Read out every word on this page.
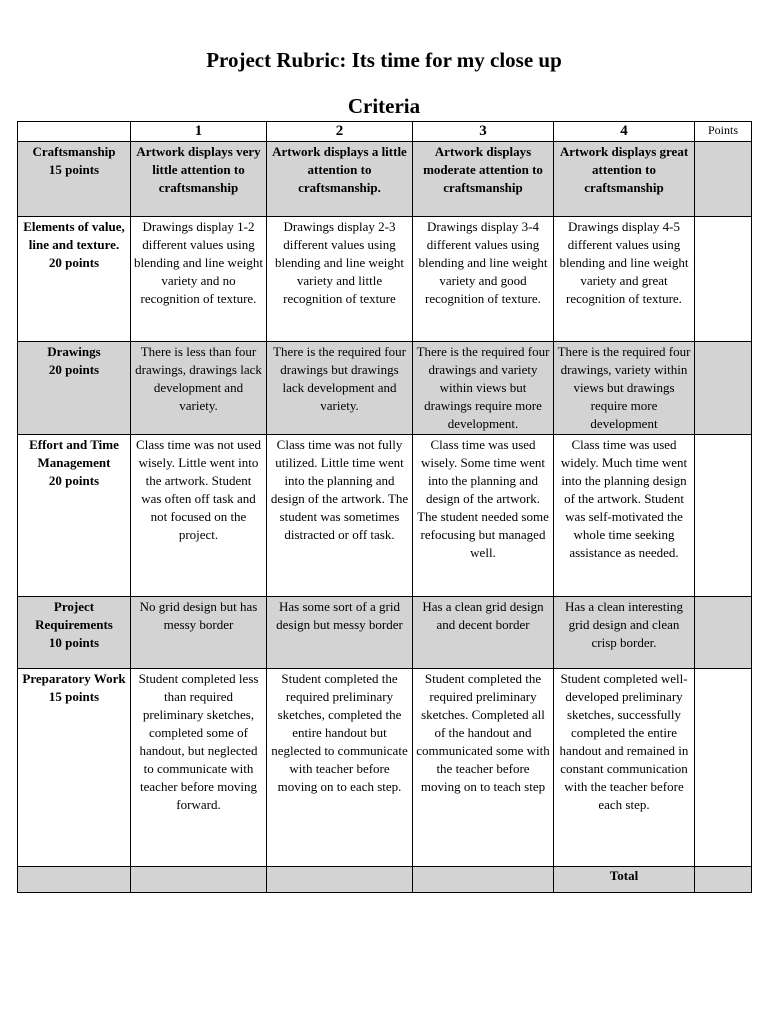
Project Rubric: Its time for my close up
Criteria
	1	2	3	4	Points

Craftsmanship
15 points	Artwork displays very little attention to craftsmanship	Artwork displays a little attention to craftsmanship.	Artwork displays moderate attention to craftsmanship	Artwork displays great attention to craftsmanship	

Elements of value, line and texture.
20 points	Drawings display 1-2 different values using blending and line weight variety and no recognition of texture.	Drawings display 2-3 different values using blending and line weight variety and little recognition of texture	Drawings display 3-4 different values using blending and line weight variety and good recognition of texture.	Drawings display 4-5 different values using blending and line weight variety and great recognition of texture.	

Drawings
20 points	There is less than four drawings, drawings lack development and variety.	There is the required four drawings but drawings lack development and variety.	There is the required four drawings and variety within views but drawings require more development.	There is the required four drawings, variety within views but drawings require more development	

Effort and Time Management
20 points	Class time was not used wisely. Little went into the artwork. Student was often off task and not focused on the project.	Class time was not fully utilized. Little time went into the planning and design of the artwork. The student was sometimes distracted or off task.	Class time was used wisely. Some time went into the planning and design of the artwork. The student needed some refocusing but managed well.	Class time was used widely. Much time went into the planning design of the artwork. Student was self-motivated the whole time seeking assistance as needed.	

Project Requirements
10 points	No grid design but has messy border	Has some sort of a grid design but messy border	Has a clean grid design and decent border	Has a clean interesting grid design and clean crisp border.	

Preparatory Work
15 points	Student completed less than required preliminary sketches, completed some of handout, but neglected to communicate with teacher before moving forward.	Student completed the required preliminary sketches, completed the entire handout but neglected to communicate with teacher before moving on to each step.	Student completed the required preliminary sketches. Completed all of the handout and communicated some with the teacher before moving on to teach step	Student completed well-developed preliminary sketches, successfully completed the entire handout and remained in constant communication with the teacher before each step.	
				Total	
